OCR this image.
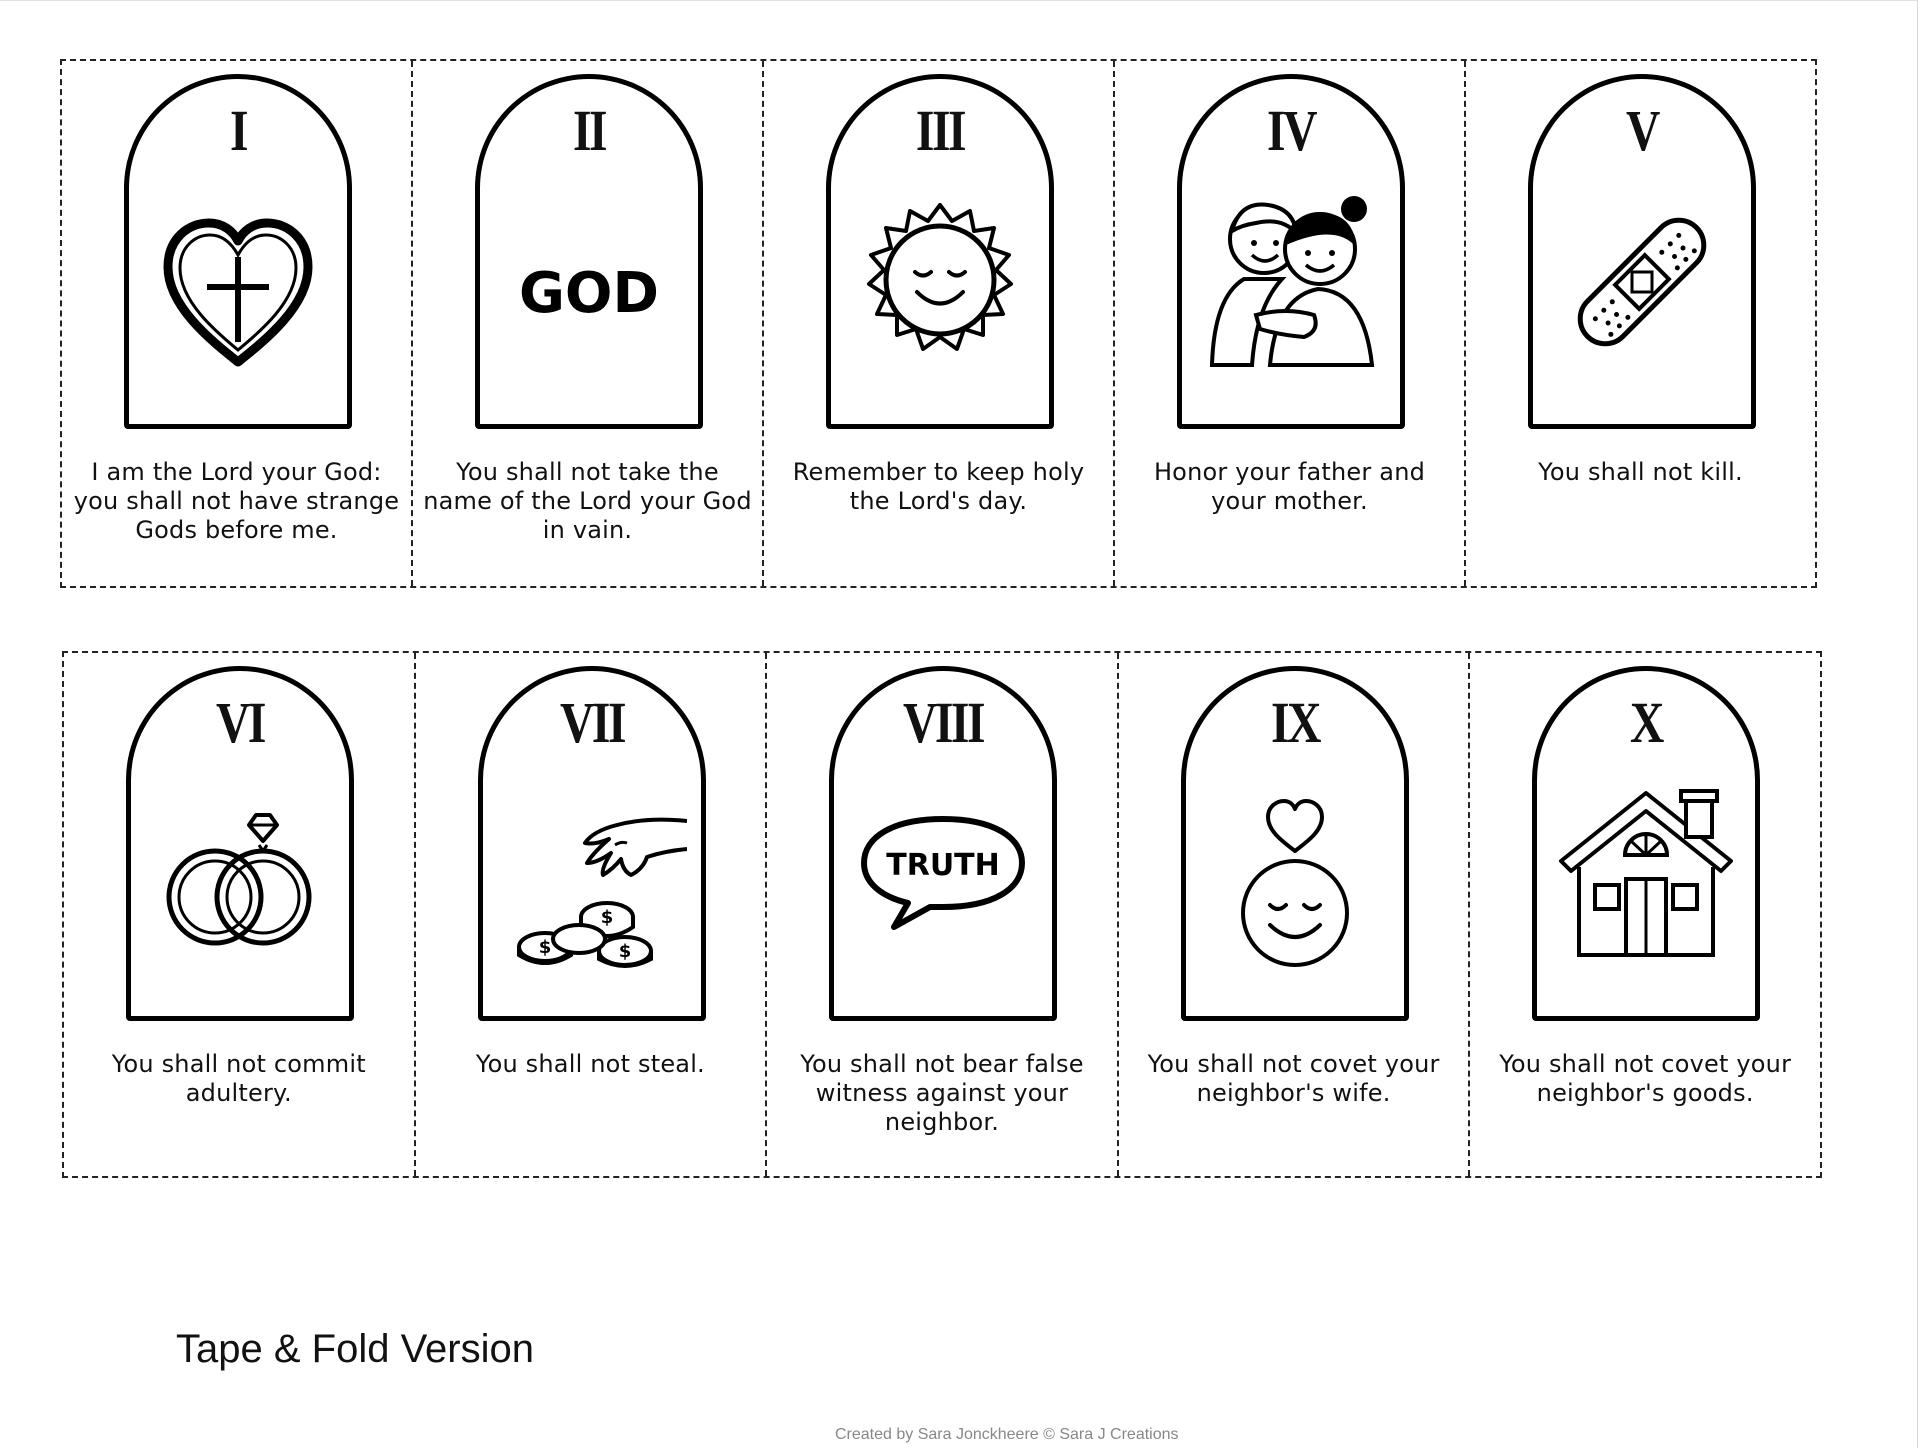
I
I am the Lord your God: you shall not have strange Gods before me.
II
GOD
You shall not take the name of the Lord your God in vain.
III
Remember to keep holy the Lord's day.
IV
Honor your father and your mother.
V
You shall not kill.
VI
You shall not commit adultery.
VII
$
$	$
You shall not steal.
VIII
TRUTH
You shall not bear false witness against your neighbor.
IX
You shall not covet your neighbor's wife.
X
You shall not covet your neighbor's goods.
Tape & Fold Version
Created by Sara Jonckheere © Sara J Creations
